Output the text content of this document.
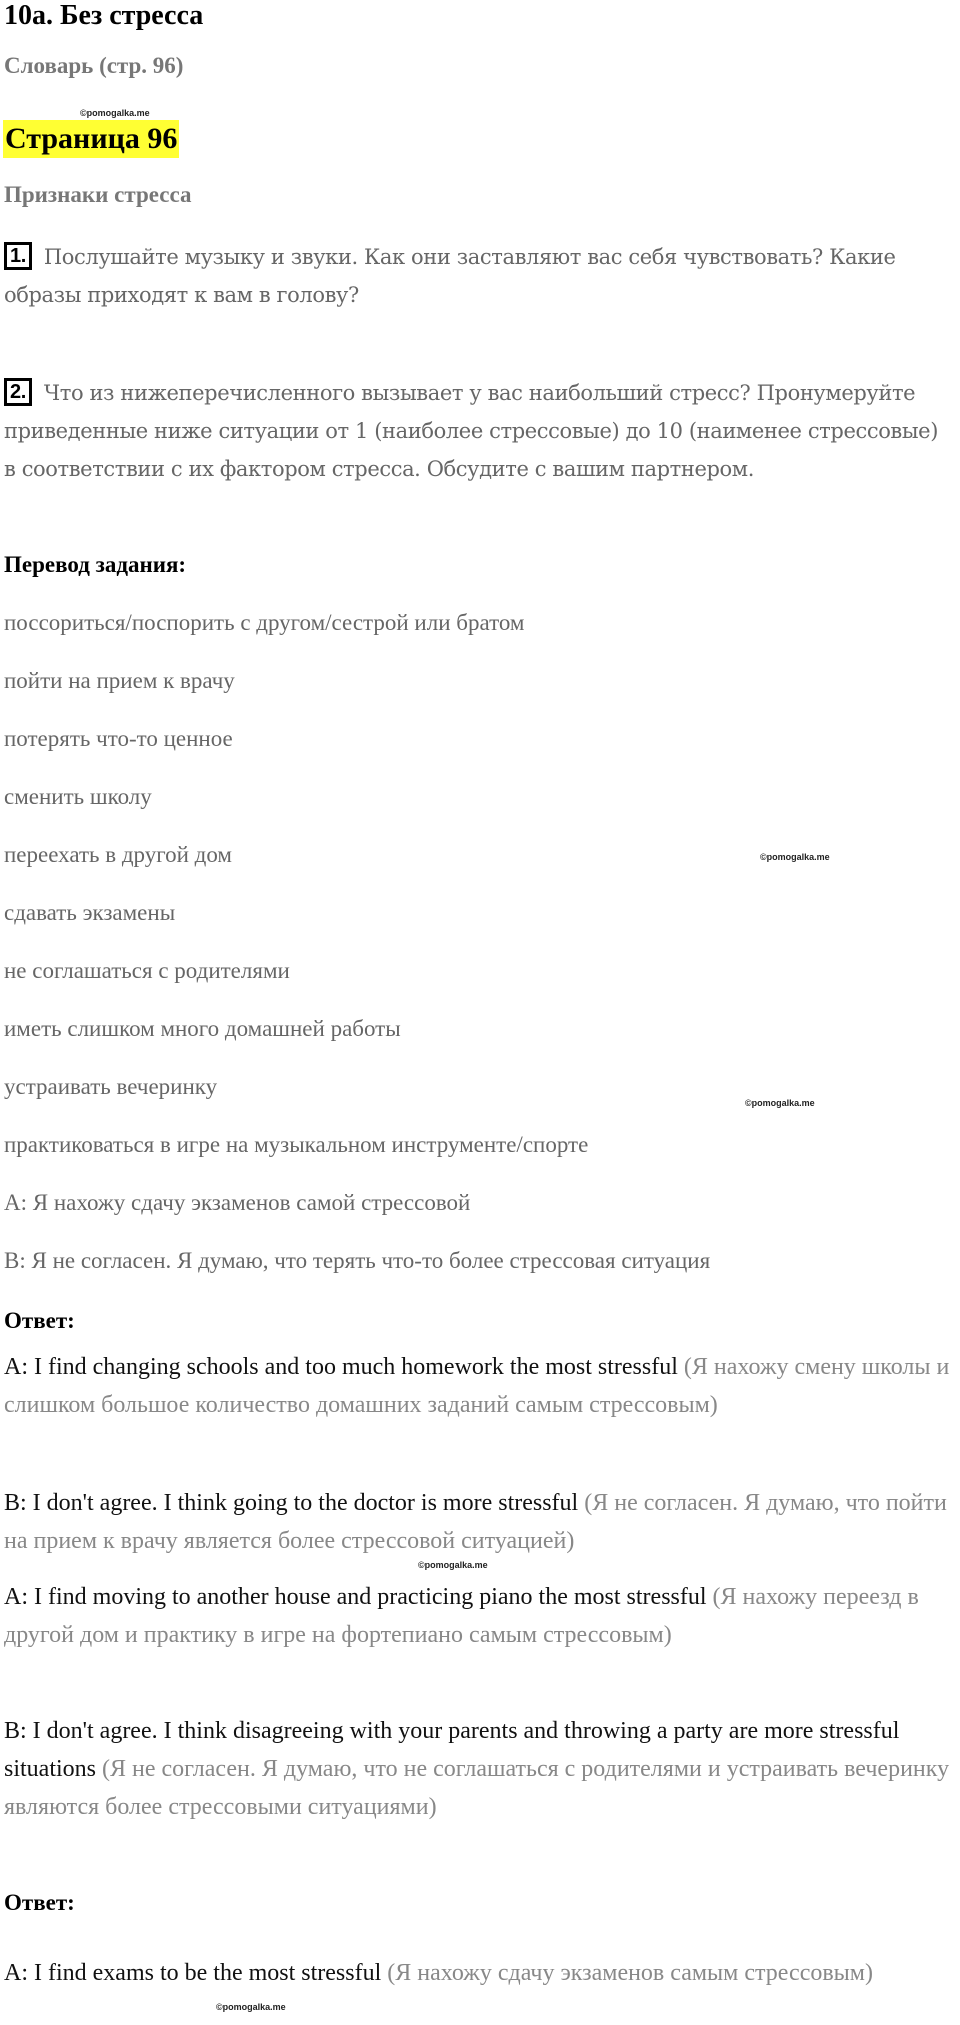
10a. Без стресса
Словарь (стр. 96)
©pomogalka.me
Страница 96
Признаки стресса
1. Послушайте музыку и звуки. Как они заставляют вас себя чувствовать? Какие образы приходят к вам в голову?
2. Что из нижеперечисленного вызывает у вас наибольший стресс? Пронумеруйте приведенные ниже ситуации от 1 (наиболее стрессовые) до 10 (наименее стрессовые) в соответствии с их фактором стресса. Обсудите с вашим партнером.
Перевод задания:
поссориться/поспорить с другом/сестрой или братом
пойти на прием к врачу
потерять что-то ценное
сменить школу
переехать в другой дом	©pomogalka.me
сдавать экзамены
не соглашаться с родителями
иметь слишком много домашней работы
устраивать вечеринку
©pomogalka.me
практиковаться в игре на музыкальном инструменте/спорте
A: Я нахожу сдачу экзаменов самой стрессовой
B: Я не согласен. Я думаю, что терять что-то более стрессовая ситуация
Ответ:
A: I find changing schools and too much homework the most stressful (Я нахожу смену школы и слишком большое количество домашних заданий самым стрессовым)
B: I don't agree. I think going to the doctor is more stressful (Я не согласен. Я думаю, что пойти на прием к врачу является более стрессовой ситуацией)
©pomogalka.me
A: I find moving to another house and practicing piano the most stressful (Я нахожу переезд в другой дом и практику в игре на фортепиано самым стрессовым)
B: I don't agree. I think disagreeing with your parents and throwing a party are more stressful situations (Я не согласен. Я думаю, что не соглашаться с родителями и устраивать вечеринку являются более стрессовыми ситуациями)
Ответ:
A: I find exams to be the most stressful (Я нахожу сдачу экзаменов самым стрессовым)
©pomogalka.me
